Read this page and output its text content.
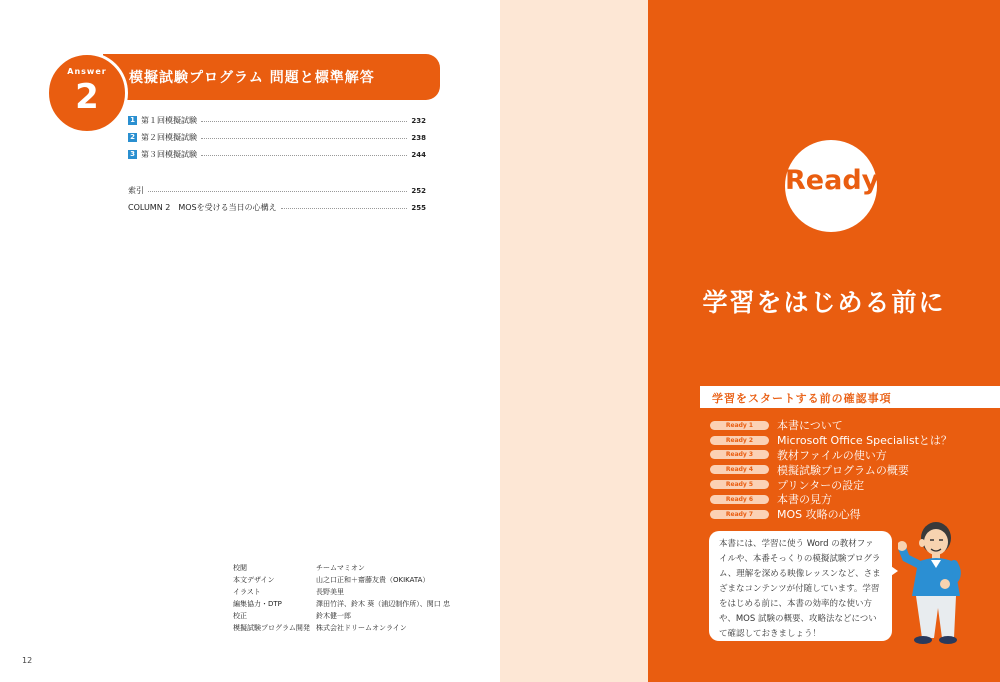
模擬試験プログラム 問題と標準解答
Answer
2
1 第１回模擬試験	232
2 第２回模擬試験	238
3 第３回模擬試験	244
索引	252
COLUMN 2　MOSを受ける当日の心構え	255
校閲	チームマミオン
本文デザイン	山之口正和＋齋藤友貴（OKIKATA）
イラスト	長野美里
編集協力・DTP	澤田竹洋、鈴木 葵（浦辺制作所）、関口 忠
校正	鈴木健一郎
模擬試験プログラム開発 株式会社ドリームオンライン
12
Ready
学習をはじめる前に
学習をスタートする前の確認事項
Ready 1	本書について
Ready 2	Microsoft Office Specialistとは？
Ready 3	教材ファイルの使い方
Ready 4	模擬試験プログラムの概要
Ready 5	プリンターの設定
Ready 6	本書の見方
Ready 7	MOS 攻略の心得
本書には、学習に使う Word の教材ファイルや、本番そっくりの模擬試験プログラム、理解を深める映像レッスンなど、さまざまなコンテンツが付随しています。学習をはじめる前に、本書の効率的な使い方や、MOS 試験の概要、攻略法などについて確認しておきましょう！
